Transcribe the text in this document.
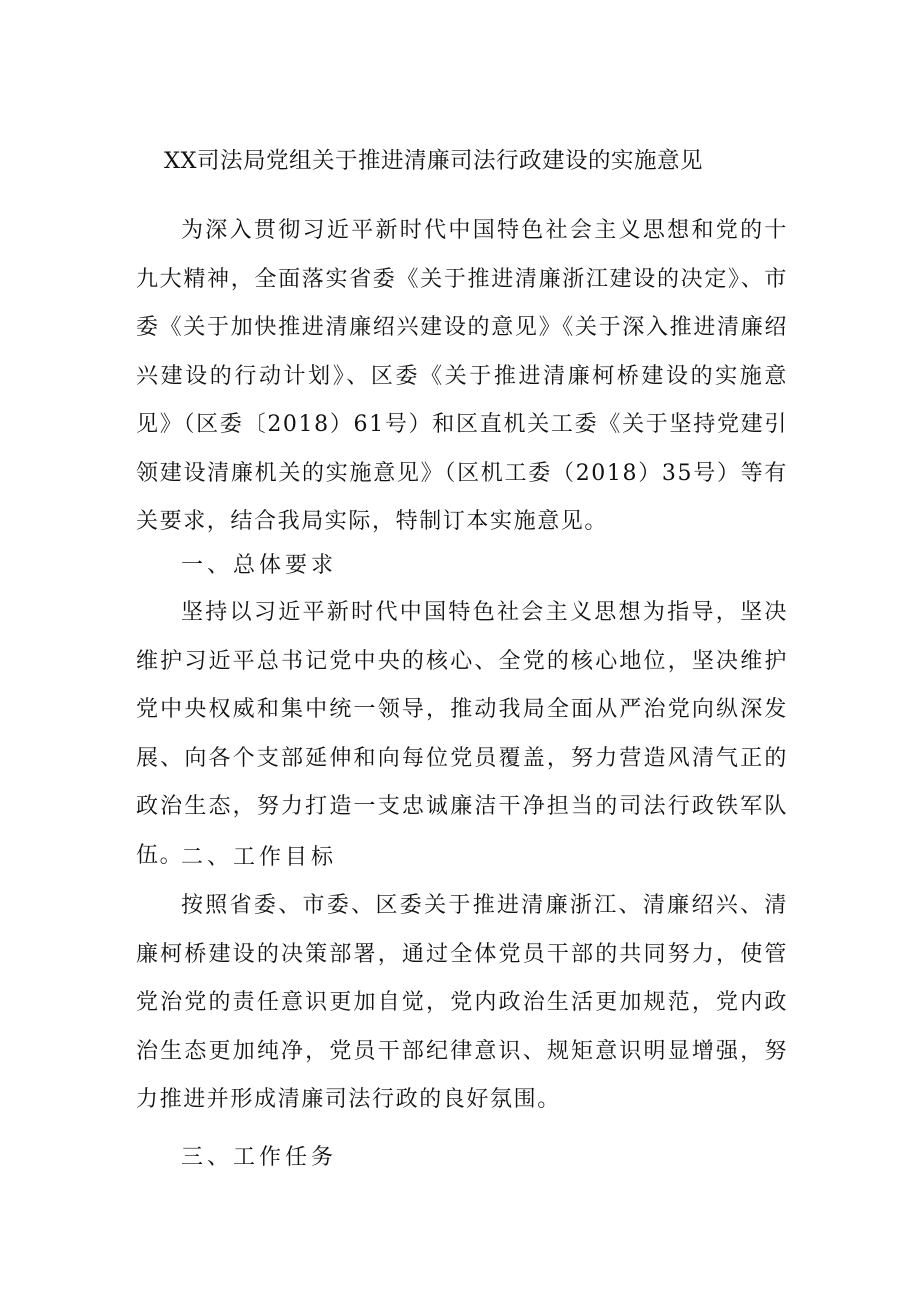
XX司法局党组关于推进清廉司法行政建设的实施意见

为深入贯彻习近平新时代中国特色社会主义思想和党的十九大精神，全面落实省委《关于推进清廉浙江建设的决定》、市委《关于加快推进清廉绍兴建设的意见》《关于深入推进清廉绍兴建设的行动计划》、区委《关于推进清廉柯桥建设的实施意见》（区委〔2018）61号）和区直机关工委《关于坚持党建引领建设清廉机关的实施意见》（区机工委（2018）35号）等有关要求，结合我局实际，特制订本实施意见。

一、总体要求

坚持以习近平新时代中国特色社会主义思想为指导，坚决维护习近平总书记党中央的核心、全党的核心地位，坚决维护党中央权威和集中统一领导，推动我局全面从严治党向纵深发展、向各个支部延伸和向每位党员覆盖，努力营造风清气正的政治生态，努力打造一支忠诚廉洁干净担当的司法行政铁军队伍。

二、工作目标

按照省委、市委、区委关于推进清廉浙江、清廉绍兴、清廉柯桥建设的决策部署，通过全体党员干部的共同努力，使管党治党的责任意识更加自觉，党内政治生活更加规范，党内政治生态更加纯净，党员干部纪律意识、规矩意识明显增强，努力推进并形成清廉司法行政的良好氛围。

三、工作任务
